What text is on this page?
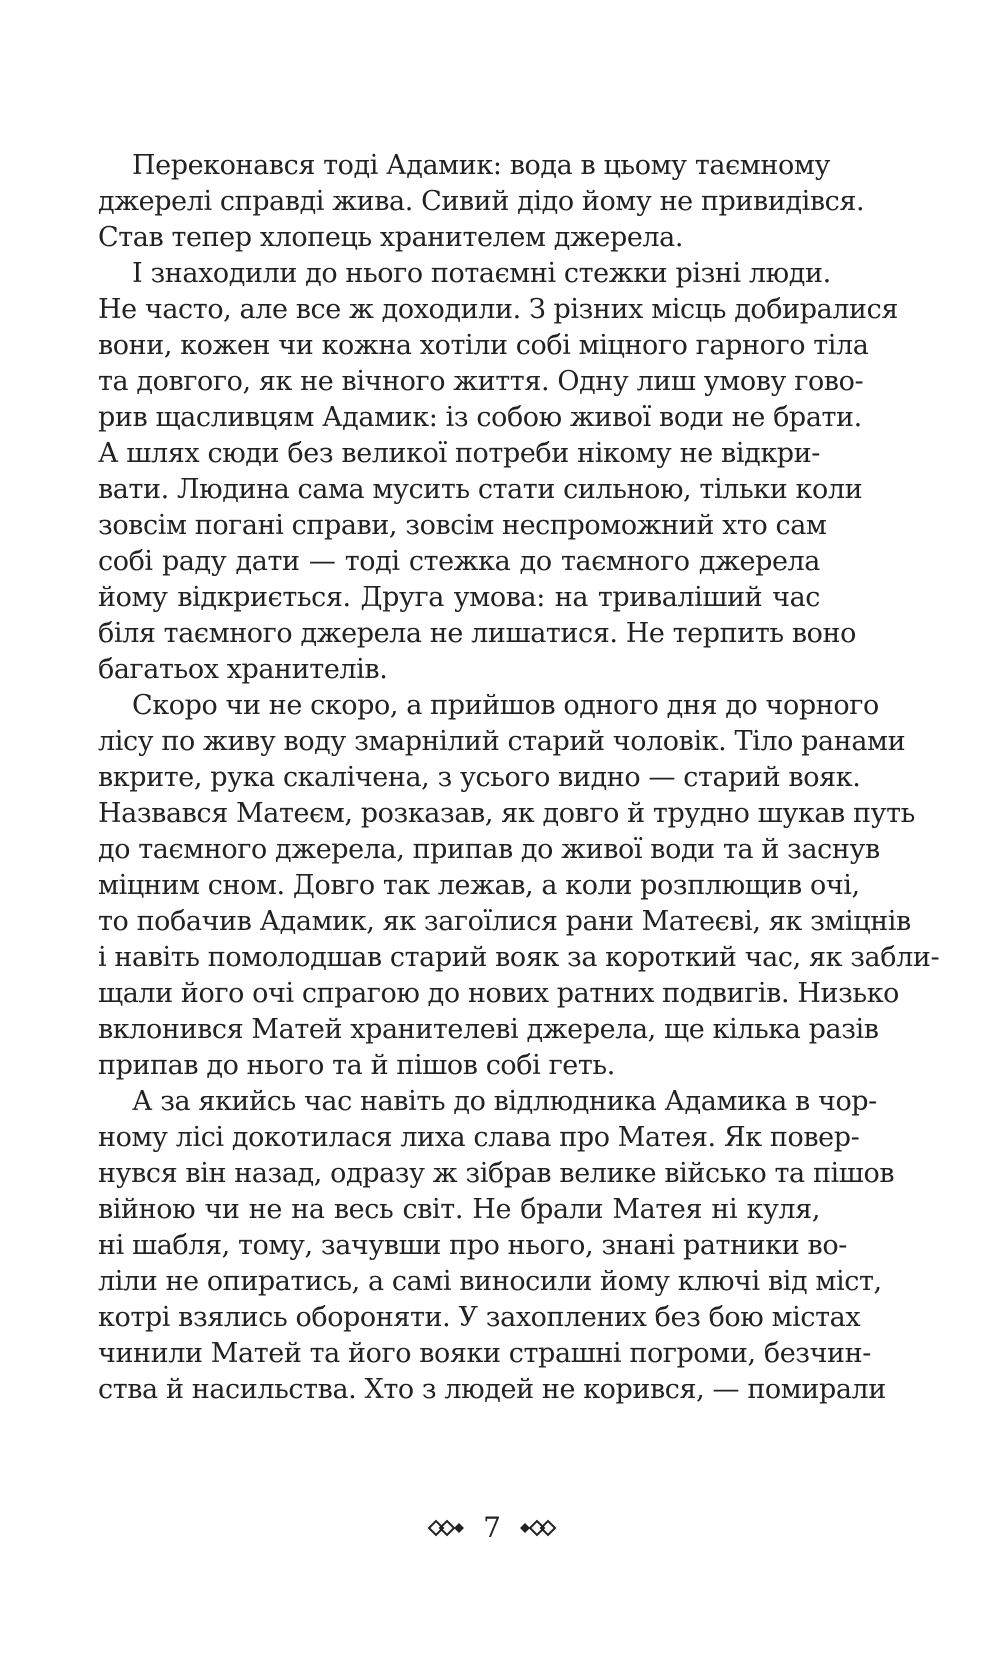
Переконався тоді Адамик: вода в цьому таємному
джерелі справді жива. Сивий дідо йому не привидівся.
Став тепер хлопець хранителем джерела.
І знаходили до нього потаємні стежки різні люди.
Не часто, але все ж доходили. З різних місць добиралися
вони, кожен чи кожна хотіли собі міцного гарного тіла
та довгого, як не вічного життя. Одну лиш умову гово-
рив щасливцям Адамик: із собою живої води не брати.
А шлях сюди без великої потреби нікому не відкри-
вати. Людина сама мусить стати сильною, тільки коли
зовсім погані справи, зовсім неспроможний хто сам
собі раду дати — тоді стежка до таємного джерела
йому відкриється. Друга умова: на триваліший час
біля таємного джерела не лишатися. Не терпить воно
багатьох хранителів.
Скоро чи не скоро, а прийшов одного дня до чорного
лісу по живу воду змарнілий старий чоловік. Тіло ранами
вкрите, рука скалічена, з усього видно — старий вояк.
Назвався Матеєм, розказав, як довго й трудно шукав путь
до таємного джерела, припав до живої води та й заснув
міцним сном. Довго так лежав, а коли розплющив очі,
то побачив Адамик, як загоїлися рани Матеєві, як зміцнів
і навіть помолодшав старий вояк за короткий час, як забли-
щали його очі спрагою до нових ратних подвигів. Низько
вклонився Матей хранителеві джерела, ще кілька разів
припав до нього та й пішов собі геть.
А за якийсь час навіть до відлюдника Адамика в чор-
ному лісі докотилася лиха слава про Матея. Як повер-
нувся він назад, одразу ж зібрав велике військо та пішов
війною чи не на весь світ. Не брали Матея ні куля,
ні шабля, тому, зачувши про нього, знані ратники во-
ліли не опиратись, а самі виносили йому ключі від міст,
котрі взялись обороняти. У захоплених без бою містах
чинили Матей та його вояки страшні погроми, безчин-
ства й насильства. Хто з людей не корився, — помирали
7
